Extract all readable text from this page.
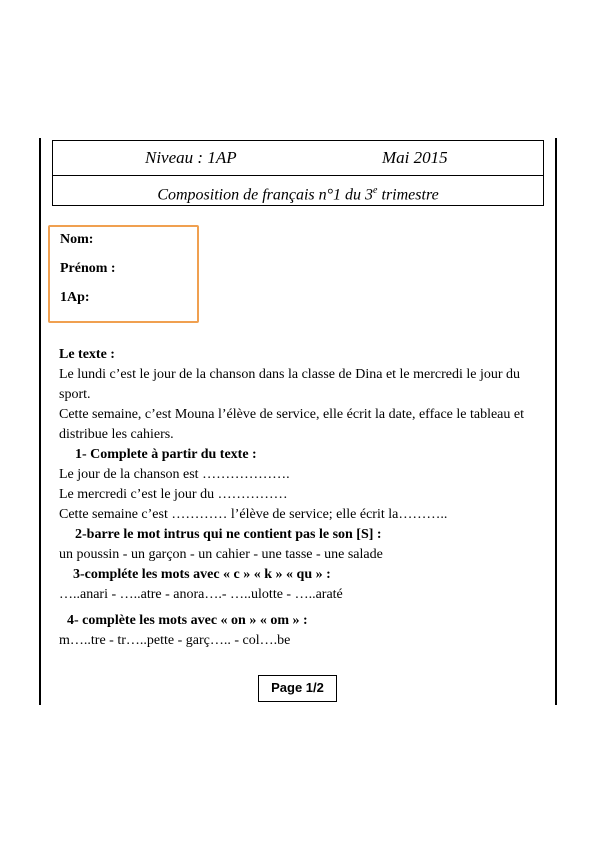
Niveau : 1AP	Mai 2015
Composition de français n°1 du 3e trimestre
Nom:
Prénom :
1Ap:

Le texte :

Le lundi c’est le jour de la chanson dans la classe de Dina et le mercredi le jour du sport.

Cette semaine, c’est Mouna l’élève de service, elle écrit la date, efface le tableau et distribue les cahiers.

1- Complete à partir du texte :

Le jour de la chanson est ……………….

Le mercredi c’est le jour du ……………

Cette semaine c’est ………… l’élève de service; elle écrit la………..

2-barre le mot intrus qui ne contient pas le son [S] :

un poussin - un garçon - un cahier - une tasse - une salade

3-compléte les mots avec « c » « k » « qu » :

…..anari - …..atre - anora….- …..ulotte - …..araté

4- complète les mots avec « on » « om » :

m…..tre - tr…..pette - garç….. - col….be

Page 1/2
